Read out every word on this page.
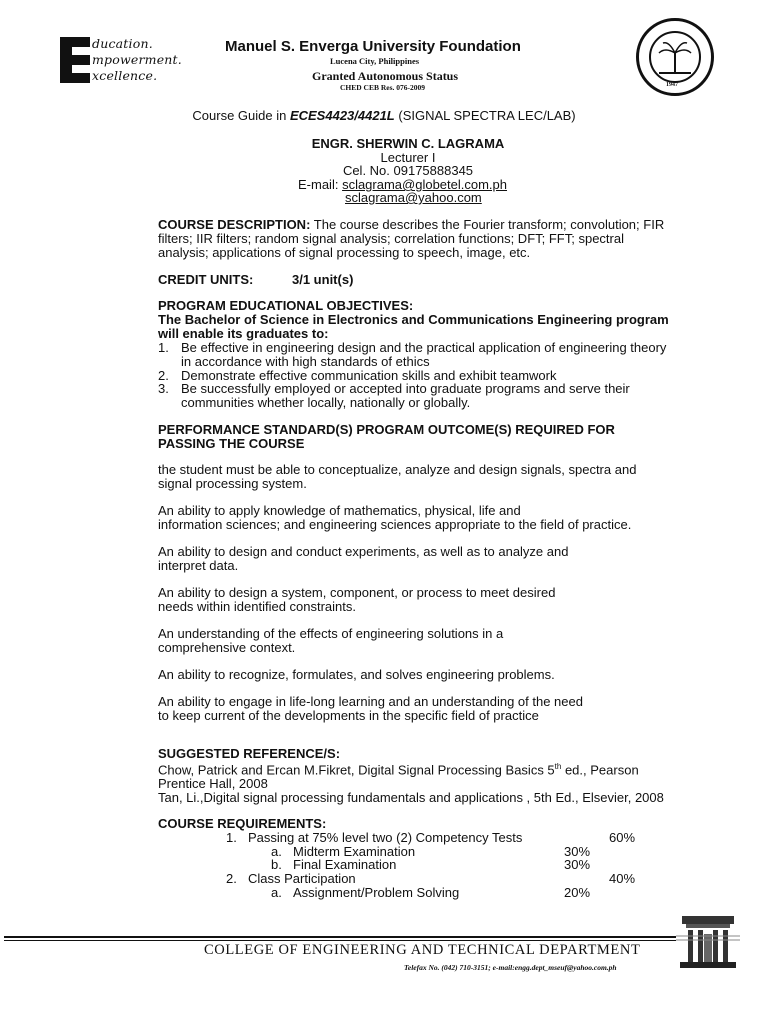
ducation.
mpowerment.
xcellence.
Manuel S. Enverga University Foundation
Lucena City, Philippines
Granted Autonomous Status
CHED CEB Res. 076-2009	1947
Course Guide in ECES4423/4421L (SIGNAL SPECTRA LEC/LAB)
ENGR. SHERWIN C. LAGRAMA
Lecturer I
Cel. No. 09175888345
E-mail: sclagrama@globetel.com.ph
sclagrama@yahoo.com
COURSE DESCRIPTION: The course describes the Fourier transform; convolution; FIR
filters; IIR filters; random signal analysis; correlation functions; DFT; FFT; spectral
analysis; applications of signal processing to speech, image, etc.
CREDIT UNITS:	3/1 unit(s)
PROGRAM EDUCATIONAL OBJECTIVES:
The Bachelor of Science in Electronics and Communications Engineering program
will enable its graduates to:
1. Be effective in engineering design and the practical application of engineering theory
in accordance with high standards of ethics
2. Demonstrate effective communication skills and exhibit teamwork
3. Be successfully employed or accepted into graduate programs and serve their
communities whether locally, nationally or globally.
PERFORMANCE STANDARD(S) PROGRAM OUTCOME(S) REQUIRED FOR
PASSING THE COURSE
the student must be able to conceptualize, analyze and design signals, spectra and
signal processing system.
An ability to apply knowledge of mathematics, physical, life and
information sciences; and engineering sciences appropriate to the field of practice.
An ability to design and conduct experiments, as well as to analyze and
interpret data.
An ability to design a system, component, or process to meet desired
needs within identified constraints.
An understanding of the effects of engineering solutions in a
comprehensive context.
An ability to recognize, formulates, and solves engineering problems.
An ability to engage in life-long learning and an understanding of the need
to keep current of the developments in the specific field of practice
SUGGESTED REFERENCE/S:
Chow, Patrick and Ercan M.Fikret, Digital Signal Processing Basics 5th ed., Pearson
Prentice Hall, 2008
Tan, Li.,Digital signal processing fundamentals and applications , 5th Ed., Elsevier, 2008
COURSE REQUIREMENTS:
1. Passing at 75% level two (2) Competency Tests	60%
a. Midterm Examination	30%
b. Final Examination	30%
2. Class Participation	40%
a. Assignment/Problem Solving	20%
COLLEGE OF ENGINEERING AND TECHNICAL DEPARTMENT
Telefax No. (042) 710-3151; e-mail:engg.dept_mseuf@yahoo.com.ph
